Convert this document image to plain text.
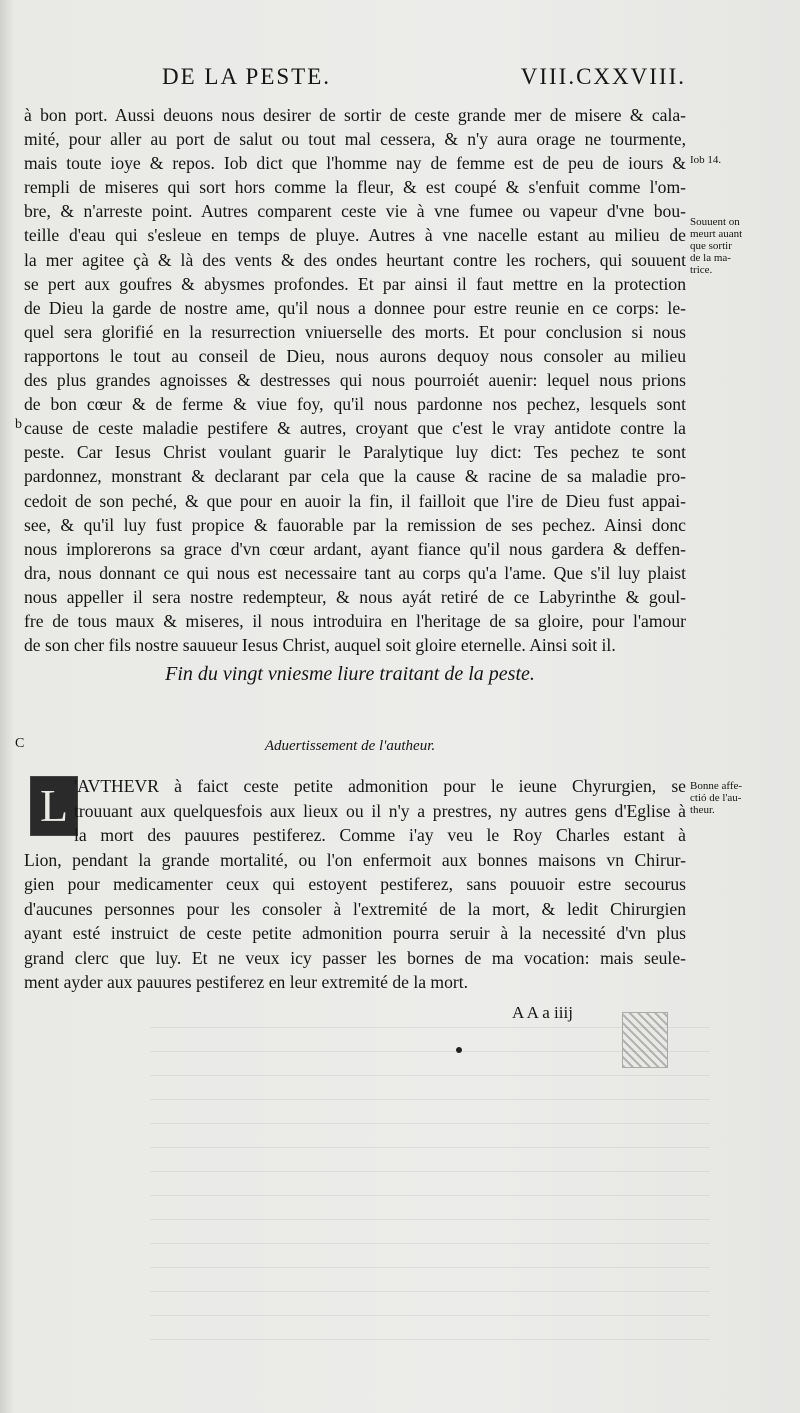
DE LA PESTE.	VIII.CXXVIII.
à bon port. Aussi deuons nous desirer de sortir de ceste grande mer de misere & cala-
mité, pour aller au port de salut ou tout mal cessera, & n'y aura orage ne tourmente,
mais toute ioye & repos. Iob dict que l'homme nay de femme est de peu de iours &
rempli de miseres qui sort hors comme la fleur, & est coupé & s'enfuit comme l'om-
bre, & n'arreste point. Autres comparent ceste vie à vne fumee ou vapeur d'vne bou-
teille d'eau qui s'esleue en temps de pluye. Autres à vne nacelle estant au milieu de
la mer agitee çà & là des vents & des ondes heurtant contre les rochers, qui souuent
se pert aux goufres & abysmes profondes. Et par ainsi il faut mettre en la protection
de Dieu la garde de nostre ame, qu'il nous a donnee pour estre reunie en ce corps: le-
quel sera glorifié en la resurrection vniuerselle des morts. Et pour conclusion si nous
rapportons le tout au conseil de Dieu, nous aurons dequoy nous consoler au milieu
des plus grandes agnoisses & destresses qui nous pourroiét auenir: lequel nous prions
de bon cœur & de ferme & viue foy, qu'il nous pardonne nos pechez, lesquels sont
cause de ceste maladie pestifere & autres, croyant que c'est le vray antidote contre la
peste. Car Iesus Christ voulant guarir le Paralytique luy dict: Tes pechez te sont
pardonnez, monstrant & declarant par cela que la cause & racine de sa maladie pro-
cedoit de son peché, & que pour en auoir la fin, il failloit que l'ire de Dieu fust appai-
see, & qu'il luy fust propice & fauorable par la remission de ses pechez. Ainsi donc
nous implorerons sa grace d'vn cœur ardant, ayant fiance qu'il nous gardera & deffen-
dra, nous donnant ce qui nous est necessaire tant au corps qu'a l'ame. Que s'il luy plaist
nous appeller il sera nostre redempteur, & nous ayát retiré de ce Labyrinthe & goul-
fre de tous maux & miseres, il nous introduira en l'heritage de sa gloire, pour l'amour
de son cher fils nostre sauueur Iesus Christ, auquel soit gloire eternelle. Ainsi soit il.
Iob 14.
Souuent on
meurt auant
que sortir
de la ma-
trice.
Bonne affe-
ctió de l'au-
theur.
b
C
Fin du vingt vniesme liure traitant de la peste.
Aduertissement de l'autheur.
L 'AVTHEVR à faict ceste petite admonition pour le ieune Chyrurgien, se
trouuant aux quelquesfois aux lieux ou il n'y a prestres, ny autres gens d'Eglise à
la mort des pauures pestiferez. Comme i'ay veu le Roy Charles estant à
Lion, pendant la grande mortalité, ou l'on enfermoit aux bonnes maisons vn Chirur-
gien pour medicamenter ceux qui estoyent pestiferez, sans pouuoir estre secourus
d'aucunes personnes pour les consoler à l'extremité de la mort, & ledit Chirurgien
ayant esté instruict de ceste petite admonition pourra seruir à la necessité d'vn plus
grand clerc que luy. Et ne veux icy passer les bornes de ma vocation: mais seule-
ment ayder aux pauures pestiferez en leur extremité de la mort.
A A a iiij
